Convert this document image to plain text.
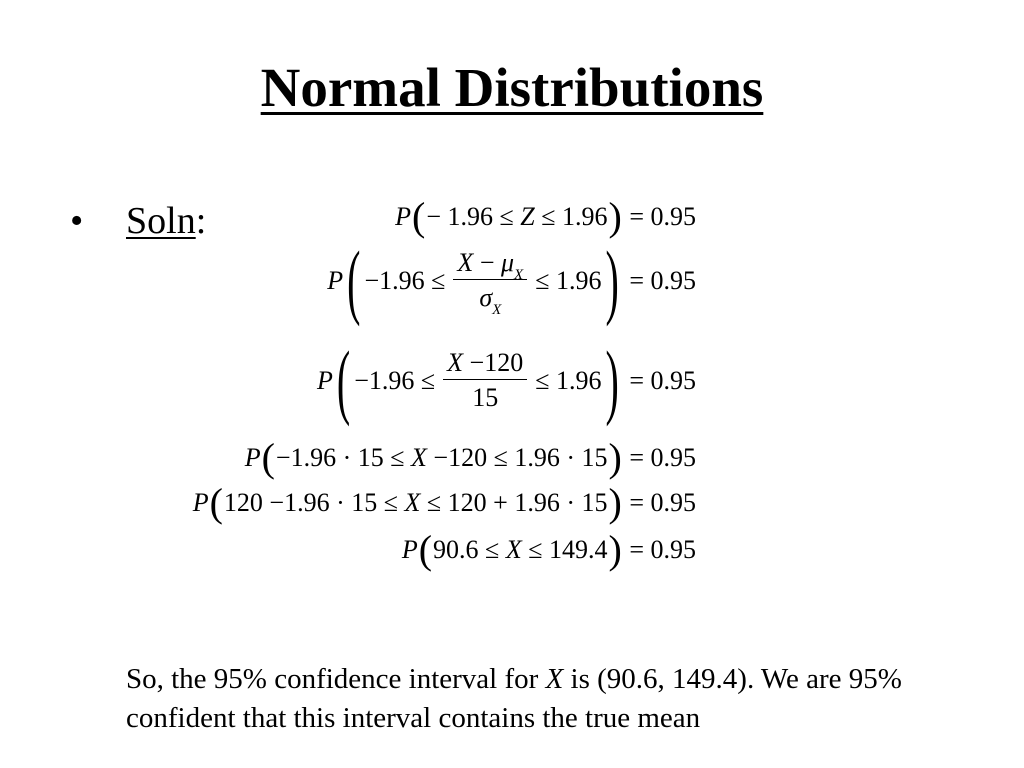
Normal Distributions
• Soln:	P ( − 1.96 ≤
Z
≤ 1.96 )
= 0.95
P ( $-1.96 \le \frac{X - \mu_X}{\sigma_X} \le 1.96$ )
= 0.95
P ( $-1.96 \le \frac{X -120}{15} \le 1.96$ )
= 0.95
P ( −1.96 · 15 ≤
X
−120 ≤ 1.96 · 15 )
= 0.95
P ( 120 −1.96 · 15 ≤
X
≤ 120 + 1.96 · 15 )
= 0.95
P ( 90.6 ≤
X
≤ 149.4 )
= 0.95
So, the 95% confidence interval for X is (90.6, 149.4). We are 95% confident that this interval contains the true mean
